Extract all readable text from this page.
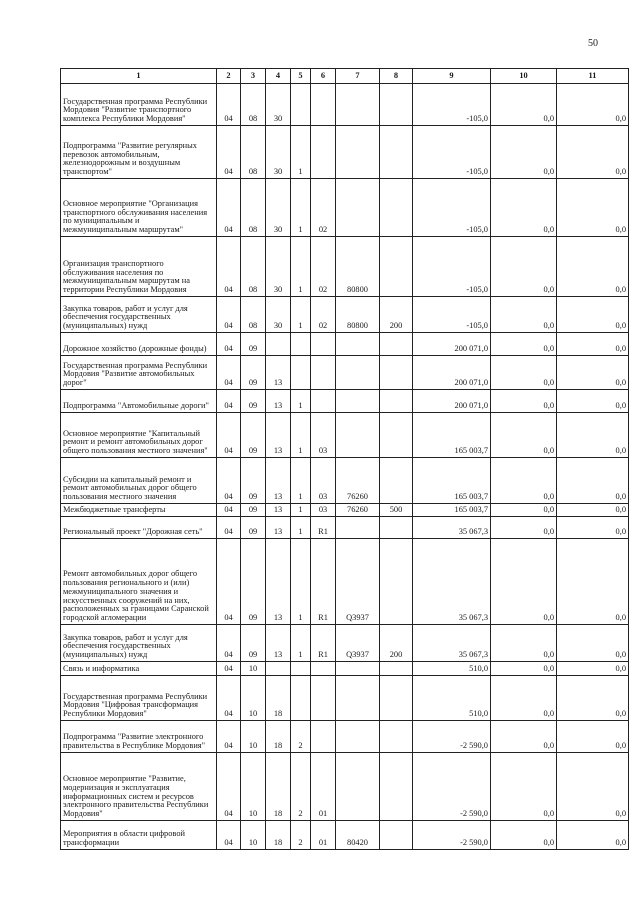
50
1	2	3	4	5	6	7	8	9	10	11
Государственная программа Республики Мордовия "Развитие транспортного комплекса Республики Мордовия"	04	08	30					-105,0	0,0	0,0
Подпрограмма "Развитие регулярных перевозок автомобильным, железнодорожным и воздушным транспортом"	04	08	30	1				-105,0	0,0	0,0
Основное мероприятие "Организация транспортного обслуживания населения по муниципальным и межмуниципальным маршрутам"	04	08	30	1	02			-105,0	0,0	0,0
Организация транспортного обслуживания населения по межмуниципальным маршрутам на территории Республики Мордовия	04	08	30	1	02	80800		-105,0	0,0	0,0
Закупка товаров, работ и услуг для обеспечения государственных (муниципальных) нужд	04	08	30	1	02	80800	200	-105,0	0,0	0,0
Дорожное хозяйство (дорожные фонды)	04	09						200 071,0	0,0	0,0
Государственная программа Республики Мордовия "Развитие автомобильных дорог"	04	09	13					200 071,0	0,0	0,0
Подпрограмма "Автомобильные дороги"	04	09	13	1				200 071,0	0,0	0,0
Основное мероприятие "Капитальный ремонт и ремонт автомобильных дорог общего пользования местного значения"	04	09	13	1	03			165 003,7	0,0	0,0
Субсидии на капитальный ремонт и ремонт автомобильных дорог общего пользования местного значения	04	09	13	1	03	76260		165 003,7	0,0	0,0
Межбюджетные трансферты	04	09	13	1	03	76260	500	165 003,7	0,0	0,0
Региональный проект "Дорожная сеть"	04	09	13	1	R1			35 067,3	0,0	0,0
Ремонт автомобильных дорог общего пользования регионального и (или) межмуниципального значения и искусственных сооружений на них, расположенных за границами Саранской городской агломерации	04	09	13	1	R1	Q3937		35 067,3	0,0	0,0
Закупка товаров, работ и услуг для обеспечения государственных (муниципальных) нужд	04	09	13	1	R1	Q3937	200	35 067,3	0,0	0,0
Связь и информатика	04	10						510,0	0,0	0,0
Государственная программа Республики Мордовия "Цифровая трансформация Республики Мордовия"	04	10	18					510,0	0,0	0,0
Подпрограмма "Развитие электронного правительства в Республике Мордовия"	04	10	18	2				-2 590,0	0,0	0,0
Основное мероприятие "Развитие, модернизация и эксплуатация информационных систем и ресурсов электронного правительства Республики Мордовия"	04	10	18	2	01			-2 590,0	0,0	0,0
Мероприятия в области цифровой трансформации	04	10	18	2	01	80420		-2 590,0	0,0	0,0
